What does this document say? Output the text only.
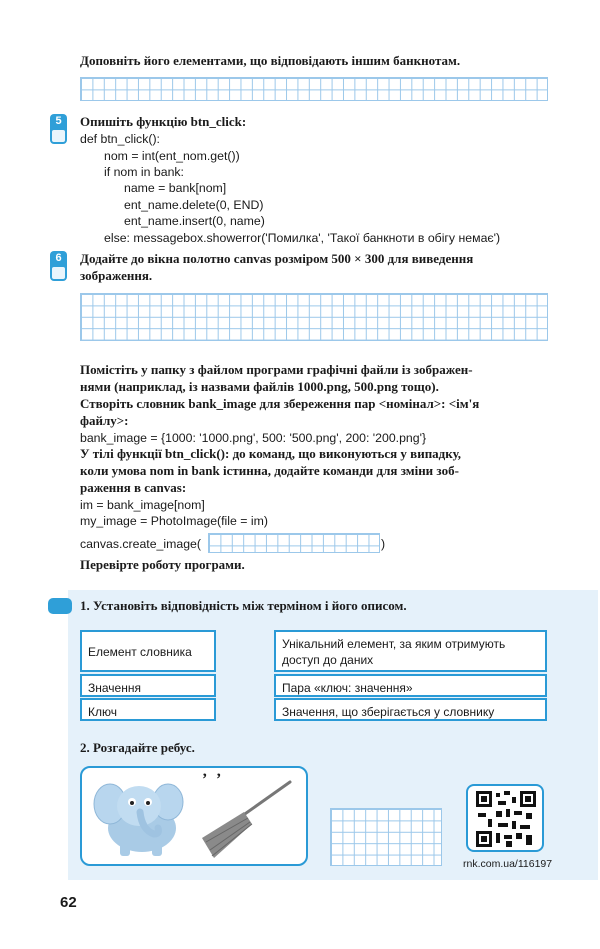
Доповніть його елементами, що відповідають іншим банкнотам.
5	Опишіть функцію btn_click:
def btn_click():
nom = int(ent_nom.get())
if nom in bank:
name = bank[nom]
ent_name.delete(0, END)
ent_name.insert(0, name)
else: messagebox.showerror('Помилка', 'Такої банкноти в обігу немає')
6	Додайте до вікна полотно canvas розміром 500 × 300 для виведення
зображення.
Помістіть у папку з файлом програми графічні файли із зображен-
нями (наприклад, із назвами файлів 1000.png, 500.png тощо).
Створіть словник bank_image для збереження пар <номінал>: <ім'я
файлу>:
bank_image = {1000: '1000.png', 500: '500.png', 200: '200.png'}
У тілі функції btn_click(): до команд, що виконуються у випадку,
коли умова nom in bank істинна, додайте команди для зміни зоб-
раження в canvas:
im = bank_image[nom]
my_image = PhotoImage(file = im)
canvas.create_image(	)
Перевірте роботу програми.
1. Установіть відповідність між терміном і його описом.
Елемент словника
Значення
Ключ
Унікальний елемент, за яким отримують доступ до даних
Пара «ключ: значення»
Значення, що зберігається у словнику
2. Розгадайте ребус.
’ ’
rnk.com.ua/116197
62
